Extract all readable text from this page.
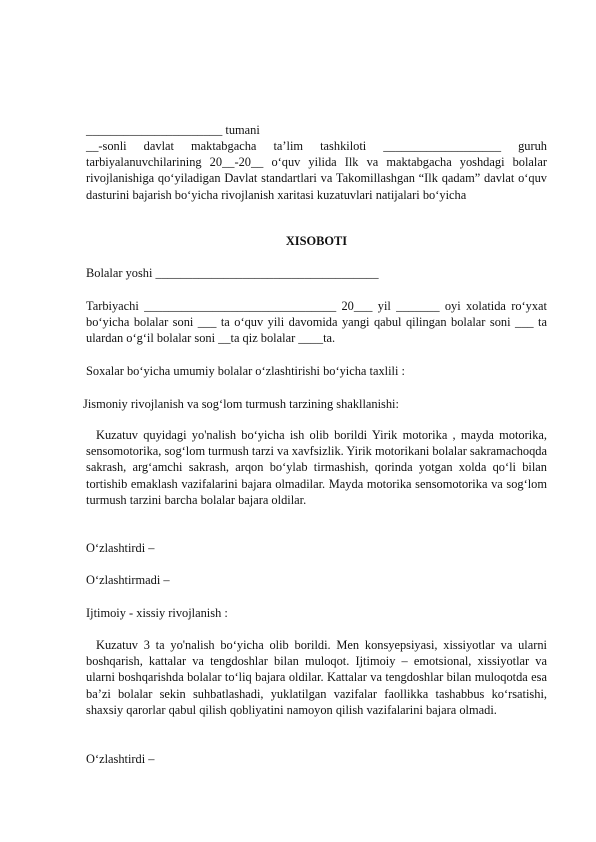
______________________ tumani

__-sonli davlat maktabgacha ta’lim tashkiloti ___________________ guruh tarbiyalanuvchilarining 20__-20__ o‘quv yilida Ilk va maktabgacha yoshdagi bolalar rivojlanishiga qo‘yiladigan Davlat standartlari va Takomillashgan “Ilk qadam” davlat o‘quv dasturini bajarish bo‘yicha rivojlanish xaritasi kuzatuvlari natijalari bo‘yicha

XISOBOTI

Bolalar yoshi ____________________________________

Tarbiyachi _______________________________ 20___ yil _______ oyi xolatida ro‘yxat bo‘yicha bolalar soni ___ ta o‘quv yili davomida yangi qabul qilingan bolalar soni ___ ta ulardan o‘g‘il bolalar soni __ta qiz bolalar ____ta.

Soxalar bo‘yicha umumiy bolalar o‘zlashtirishi bo‘yicha taxlili :

Jismoniy rivojlanish va sog‘lom turmush tarzining shakllanishi:

Kuzatuv quyidagi yo'nalish bo‘yicha ish olib borildi Yirik motorika , mayda motorika, sensomotorika, sog‘lom turmush tarzi va xavfsizlik. Yirik motorikani bolalar sakramachoqda sakrash, arg‘amchi sakrash, arqon bo‘ylab tirmashish, qorinda yotgan xolda qo‘li bilan tortishib emaklash vazifalarini bajara olmadilar. Mayda motorika sensomotorika va sog‘lom turmush tarzini barcha bolalar bajara oldilar.

O‘zlashtirdi –

O‘zlashtirmadi –

Ijtimoiy - xissiy rivojlanish :

Kuzatuv 3 ta yo'nalish bo‘yicha olib borildi. Men konsyepsiyasi, xissiyotlar va ularni boshqarish, kattalar va tengdoshlar bilan muloqot. Ijtimoiy – emotsional, xissiyotlar va ularni boshqarishda bolalar to‘liq bajara oldilar. Kattalar va tengdoshlar bilan muloqotda esa ba’zi bolalar sekin suhbatlashadi, yuklatilgan vazifalar faollikka tashabbus ko‘rsatishi, shaxsiy qarorlar qabul qilish qobliyatini namoyon qilish vazifalarini bajara olmadi.

O‘zlashtirdi –
